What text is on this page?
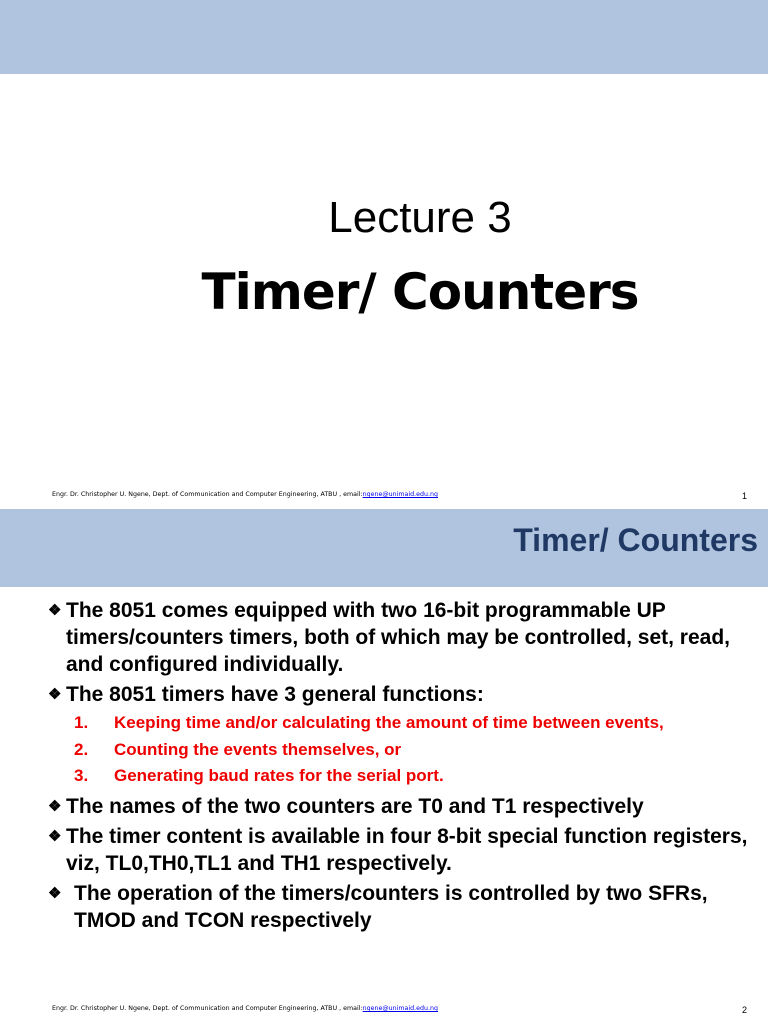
Lecture 3
Timer/ Counters
Engr. Dr. Christopher U. Ngene, Dept. of Communication and Computer Engineering, ATBU , email:ngene@unimaid.edu.ng	1
Timer/ Counters
❖ The 8051 comes equipped with two 16-bit programmable UP timers/counters timers, both of which may be controlled, set, read, and configured individually.
❖ The 8051 timers have 3 general functions:
1. Keeping time and/or calculating the amount of time between events,
2. Counting the events themselves, or
3. Generating baud rates for the serial port.
❖ The names of the two counters are T0 and T1 respectively
❖ The timer content is available in four 8-bit special function registers, viz, TL0,TH0,TL1 and TH1 respectively.
❖ The operation of the timers/counters is controlled by two SFRs, TMOD and TCON respectively
Engr. Dr. Christopher U. Ngene, Dept. of Communication and Computer Engineering, ATBU , email:ngene@unimaid.edu.ng	2
